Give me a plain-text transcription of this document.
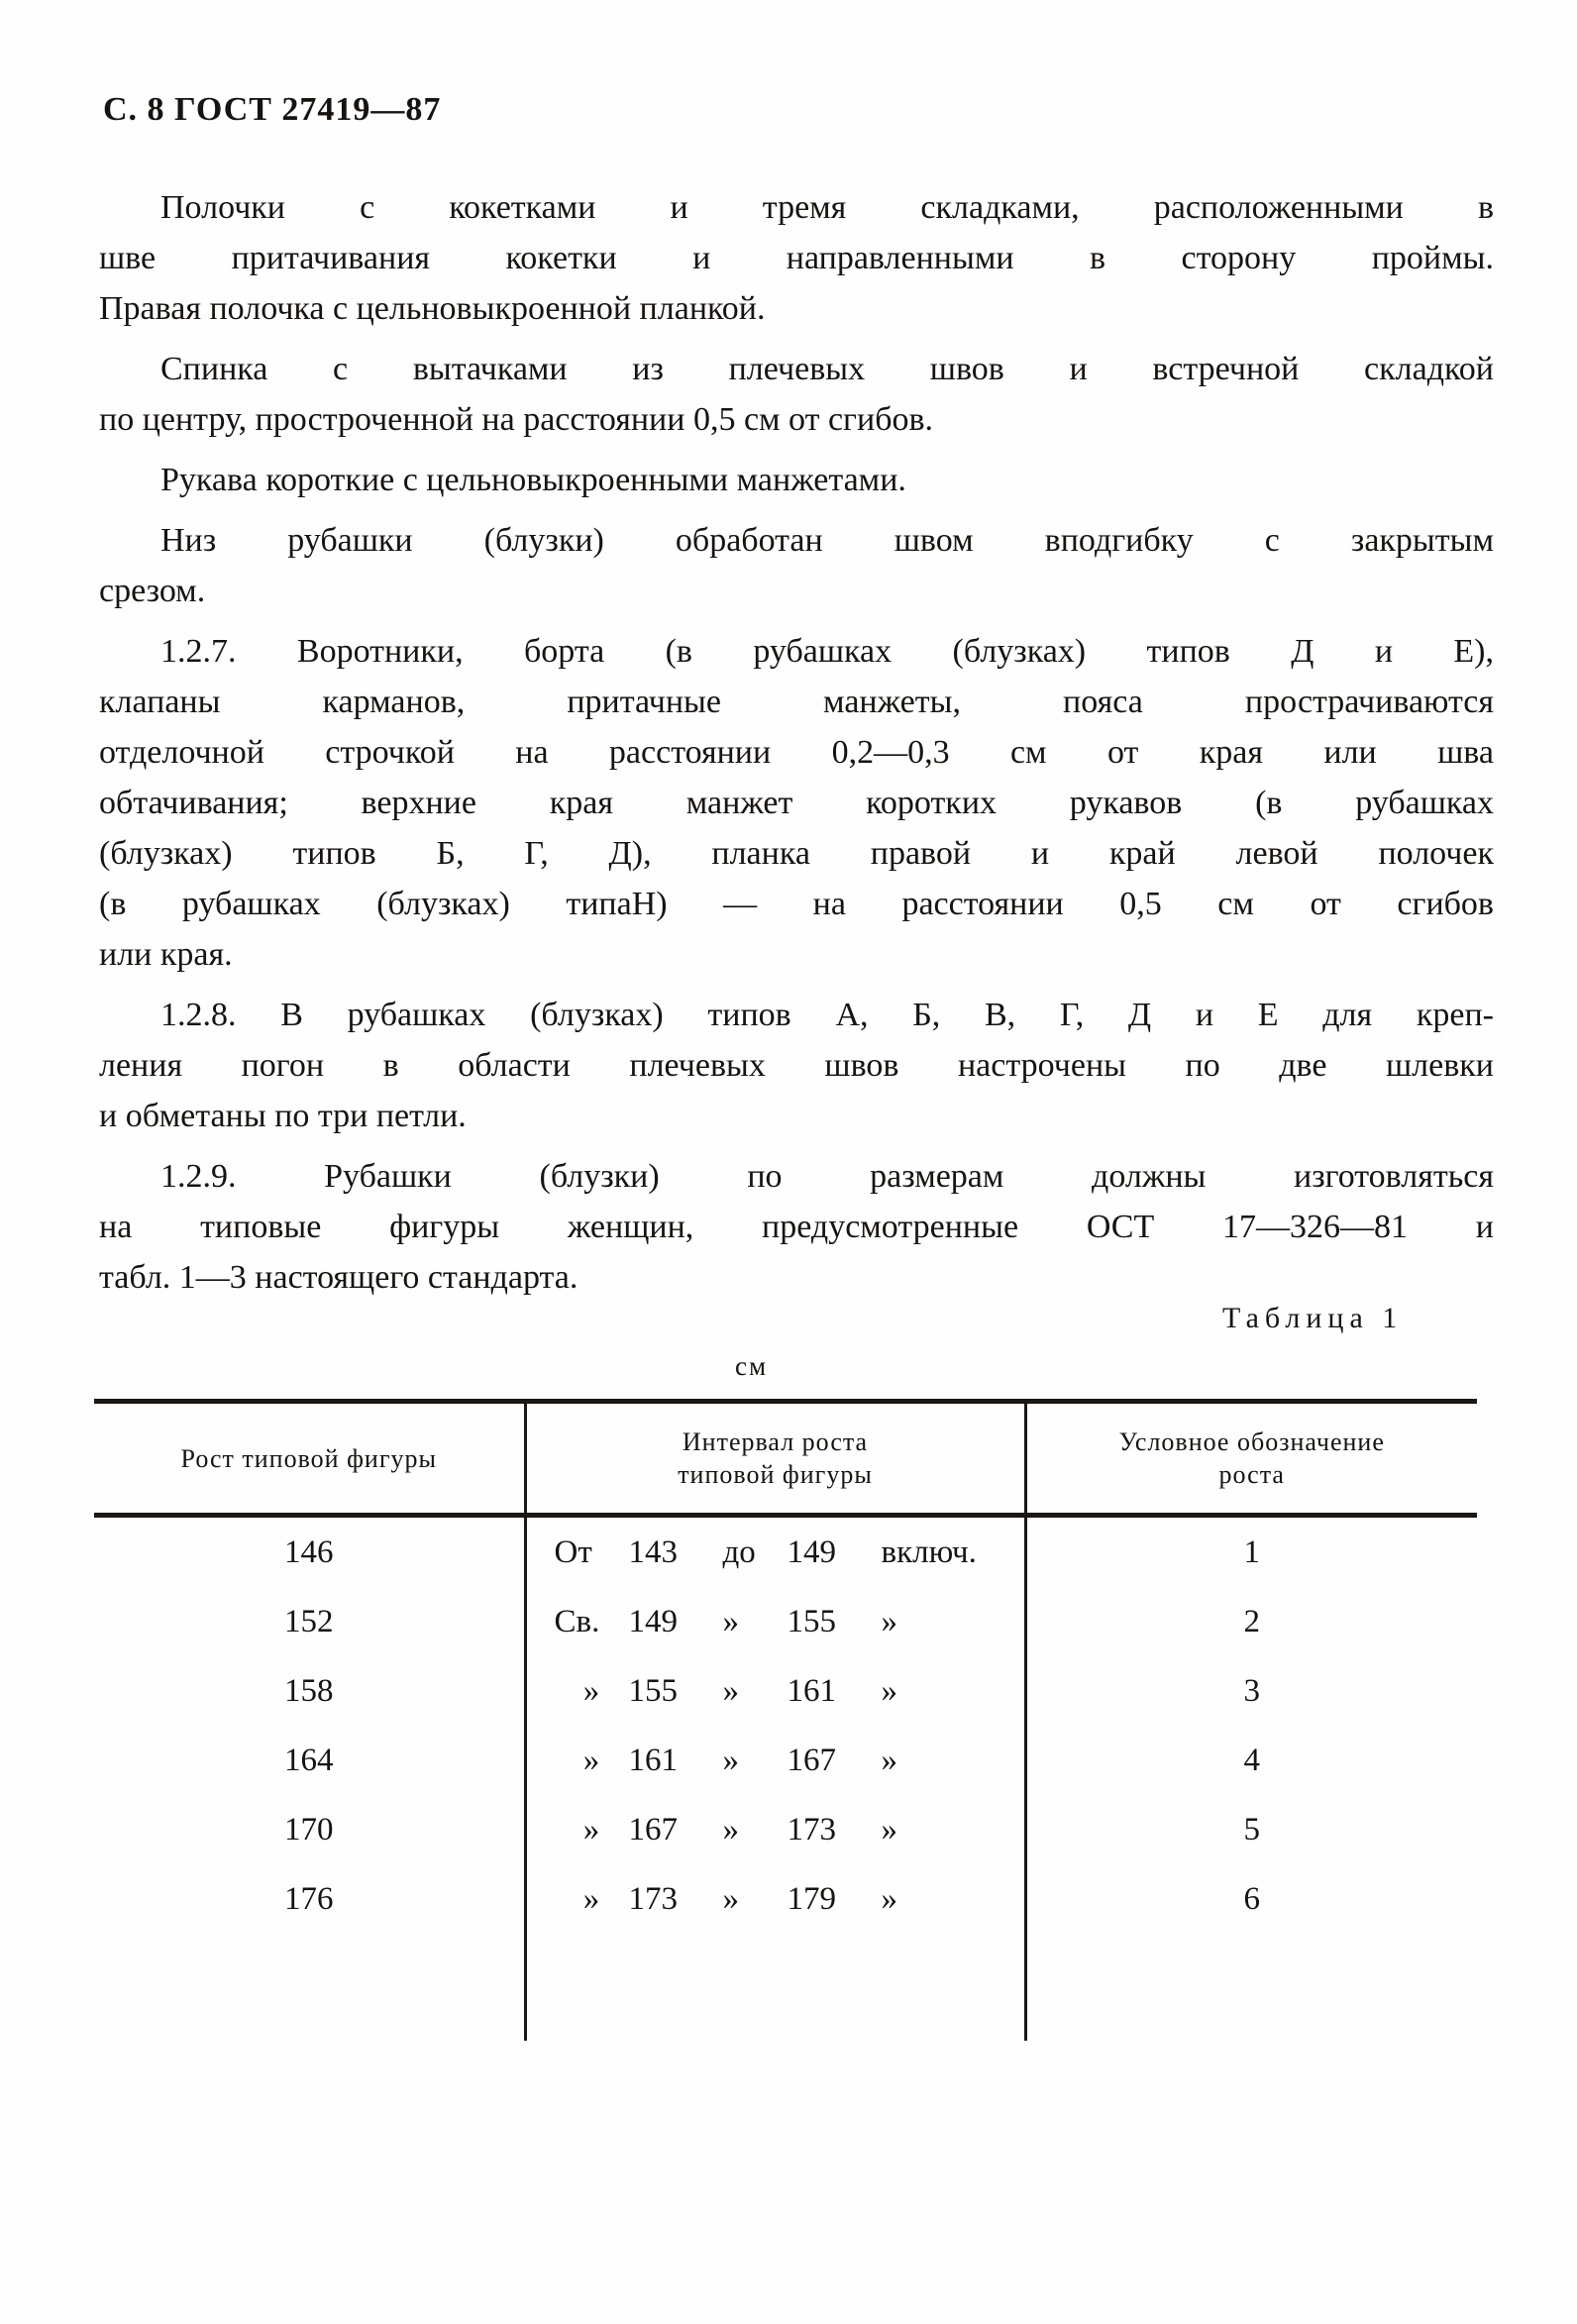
С. 8 ГОСТ 27419—87
Полочки с кокетками и тремя складками, расположенными в
шве притачивания кокетки и направленными в сторону проймы.
Правая полочка с цельновыкроенной планкой.
Спинка с вытачками из плечевых швов и встречной складкой
по центру, простроченной на расстоянии 0,5 см от сгибов.
Рукава короткие с цельновыкроенными манжетами.
Низ рубашки (блузки) обработан швом вподгибку с закрытым
срезом.
1.2.7. Воротники, борта (в рубашках (блузках) типов Д и Е),
клапаны карманов, притачные манжеты, пояса прострачиваются
отделочной строчкой на расстоянии 0,2—0,3 см от края или шва
обтачивания; верхние края манжет коротких рукавов (в рубашках
(блузках) типов Б, Г, Д), планка правой и край левой полочек
(в рубашках (блузках) типаН) — на расстоянии 0,5 см от сгибов
или края.
1.2.8. В рубашках (блузках) типов А, Б, В, Г, Д и Е для креп-
ления погон в области плечевых швов настрочены по две шлевки
и обметаны по три петли.
1.2.9. Рубашки (блузки) по размерам должны изготовляться
на типовые фигуры женщин, предусмотренные ОСТ 17—326—81 и
табл. 1—3 настоящего стандарта.
Таблица 1
см
Рост типовой фигуры

Интервал роста
типовой фигуры

Условное обозначение
роста

146	От 143 до 149 включ.	1
152	Св. 149 » 155 »	2
158	» 155 » 161 »	3
164	» 161 » 167 »	4
170	» 167 » 173 »	5
176	» 173 » 179 »	6
